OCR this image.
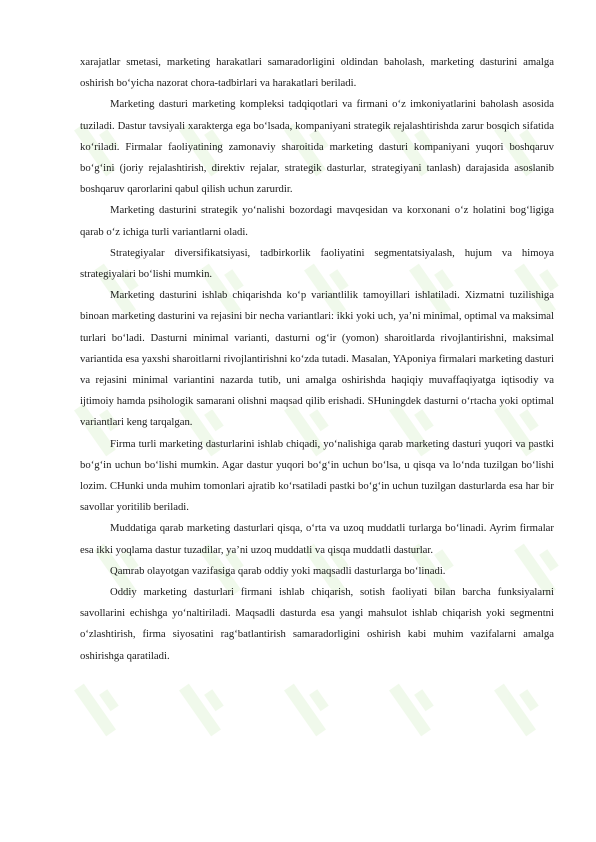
xarajatlar smetasi, marketing harakatlari samaradorligini oldindan baholash, marketing dasturini amalga oshirish bo‘yicha nazorat chora-tadbirlari va harakatlari beriladi.

Marketing dasturi marketing kompleksi tadqiqotlari va firmani o‘z imkoniyatlarini baholash asosida tuziladi. Dastur tavsiyali xarakterga ega bo‘lsada, kompaniyani strategik rejalashtirishda zarur bosqich sifatida ko‘riladi. Firmalar faoliyatining zamonaviy sharoitida marketing dasturi kompaniyani yuqori boshqaruv bo‘g‘ini (joriy rejalashtirish, direktiv rejalar, strategik dasturlar, strategiyani tanlash) darajasida asoslanib boshqaruv qarorlarini qabul qilish uchun zarurdir.

Marketing dasturini strategik yo‘nalishi bozordagi mavqesidan va korxonani o‘z holatini bog‘ligiga qarab o‘z ichiga turli variantlarni oladi.

Strategiyalar diversifikatsiyasi, tadbirkorlik faoliyatini segmentatsiyalash, hujum va himoya strategiyalari bo‘lishi mumkin.

Marketing dasturini ishlab chiqarishda ko‘p variantlilik tamoyillari ishlatiladi. Xizmatni tuzilishiga binoan marketing dasturini va rejasini bir necha variantlari: ikki yoki uch, ya’ni minimal, optimal va maksimal turlari bo‘ladi. Dasturni minimal varianti, dasturni og‘ir (yomon) sharoitlarda rivojlantirishni, maksimal variantida esa yaxshi sharoitlarni rivojlantirishni ko‘zda tutadi. Masalan, YAponiya firmalari marketing dasturi va rejasini minimal variantini nazarda tutib, uni amalga oshirishda haqiqiy muvaffaqiyatga iqtisodiy va ijtimoiy hamda psihologik samarani olishni maqsad qilib erishadi. SHuningdek dasturni o‘rtacha yoki optimal variantlari keng tarqalgan.

Firma turli marketing dasturlarini ishlab chiqadi, yo‘nalishiga qarab marketing dasturi yuqori va pastki bo‘g‘in uchun bo‘lishi mumkin. Agar dastur yuqori bo‘g‘in uchun bo‘lsa, u qisqa va lo‘nda tuzilgan bo‘lishi lozim. CHunki unda muhim tomonlari ajratib ko‘rsatiladi pastki bo‘g‘in uchun tuzilgan dasturlarda esa har bir savollar yoritilib beriladi.

Muddatiga qarab marketing dasturlari qisqa, o‘rta va uzoq muddatli turlarga bo‘linadi. Ayrim firmalar esa ikki yoqlama dastur tuzadilar, ya’ni uzoq muddatli va qisqa muddatli dasturlar.

Qamrab olayotgan vazifasiga qarab oddiy yoki maqsadli dasturlarga bo‘linadi.

Oddiy marketing dasturlari firmani ishlab chiqarish, sotish faoliyati bilan barcha funksiyalarni savollarini echishga yo‘naltiriladi. Maqsadli dasturda esa yangi mahsulot ishlab chiqarish yoki segmentni o‘zlashtirish, firma siyosatini rag‘batlantirish samaradorligini oshirish kabi muhim vazifalarni amalga oshirishga qaratiladi.
